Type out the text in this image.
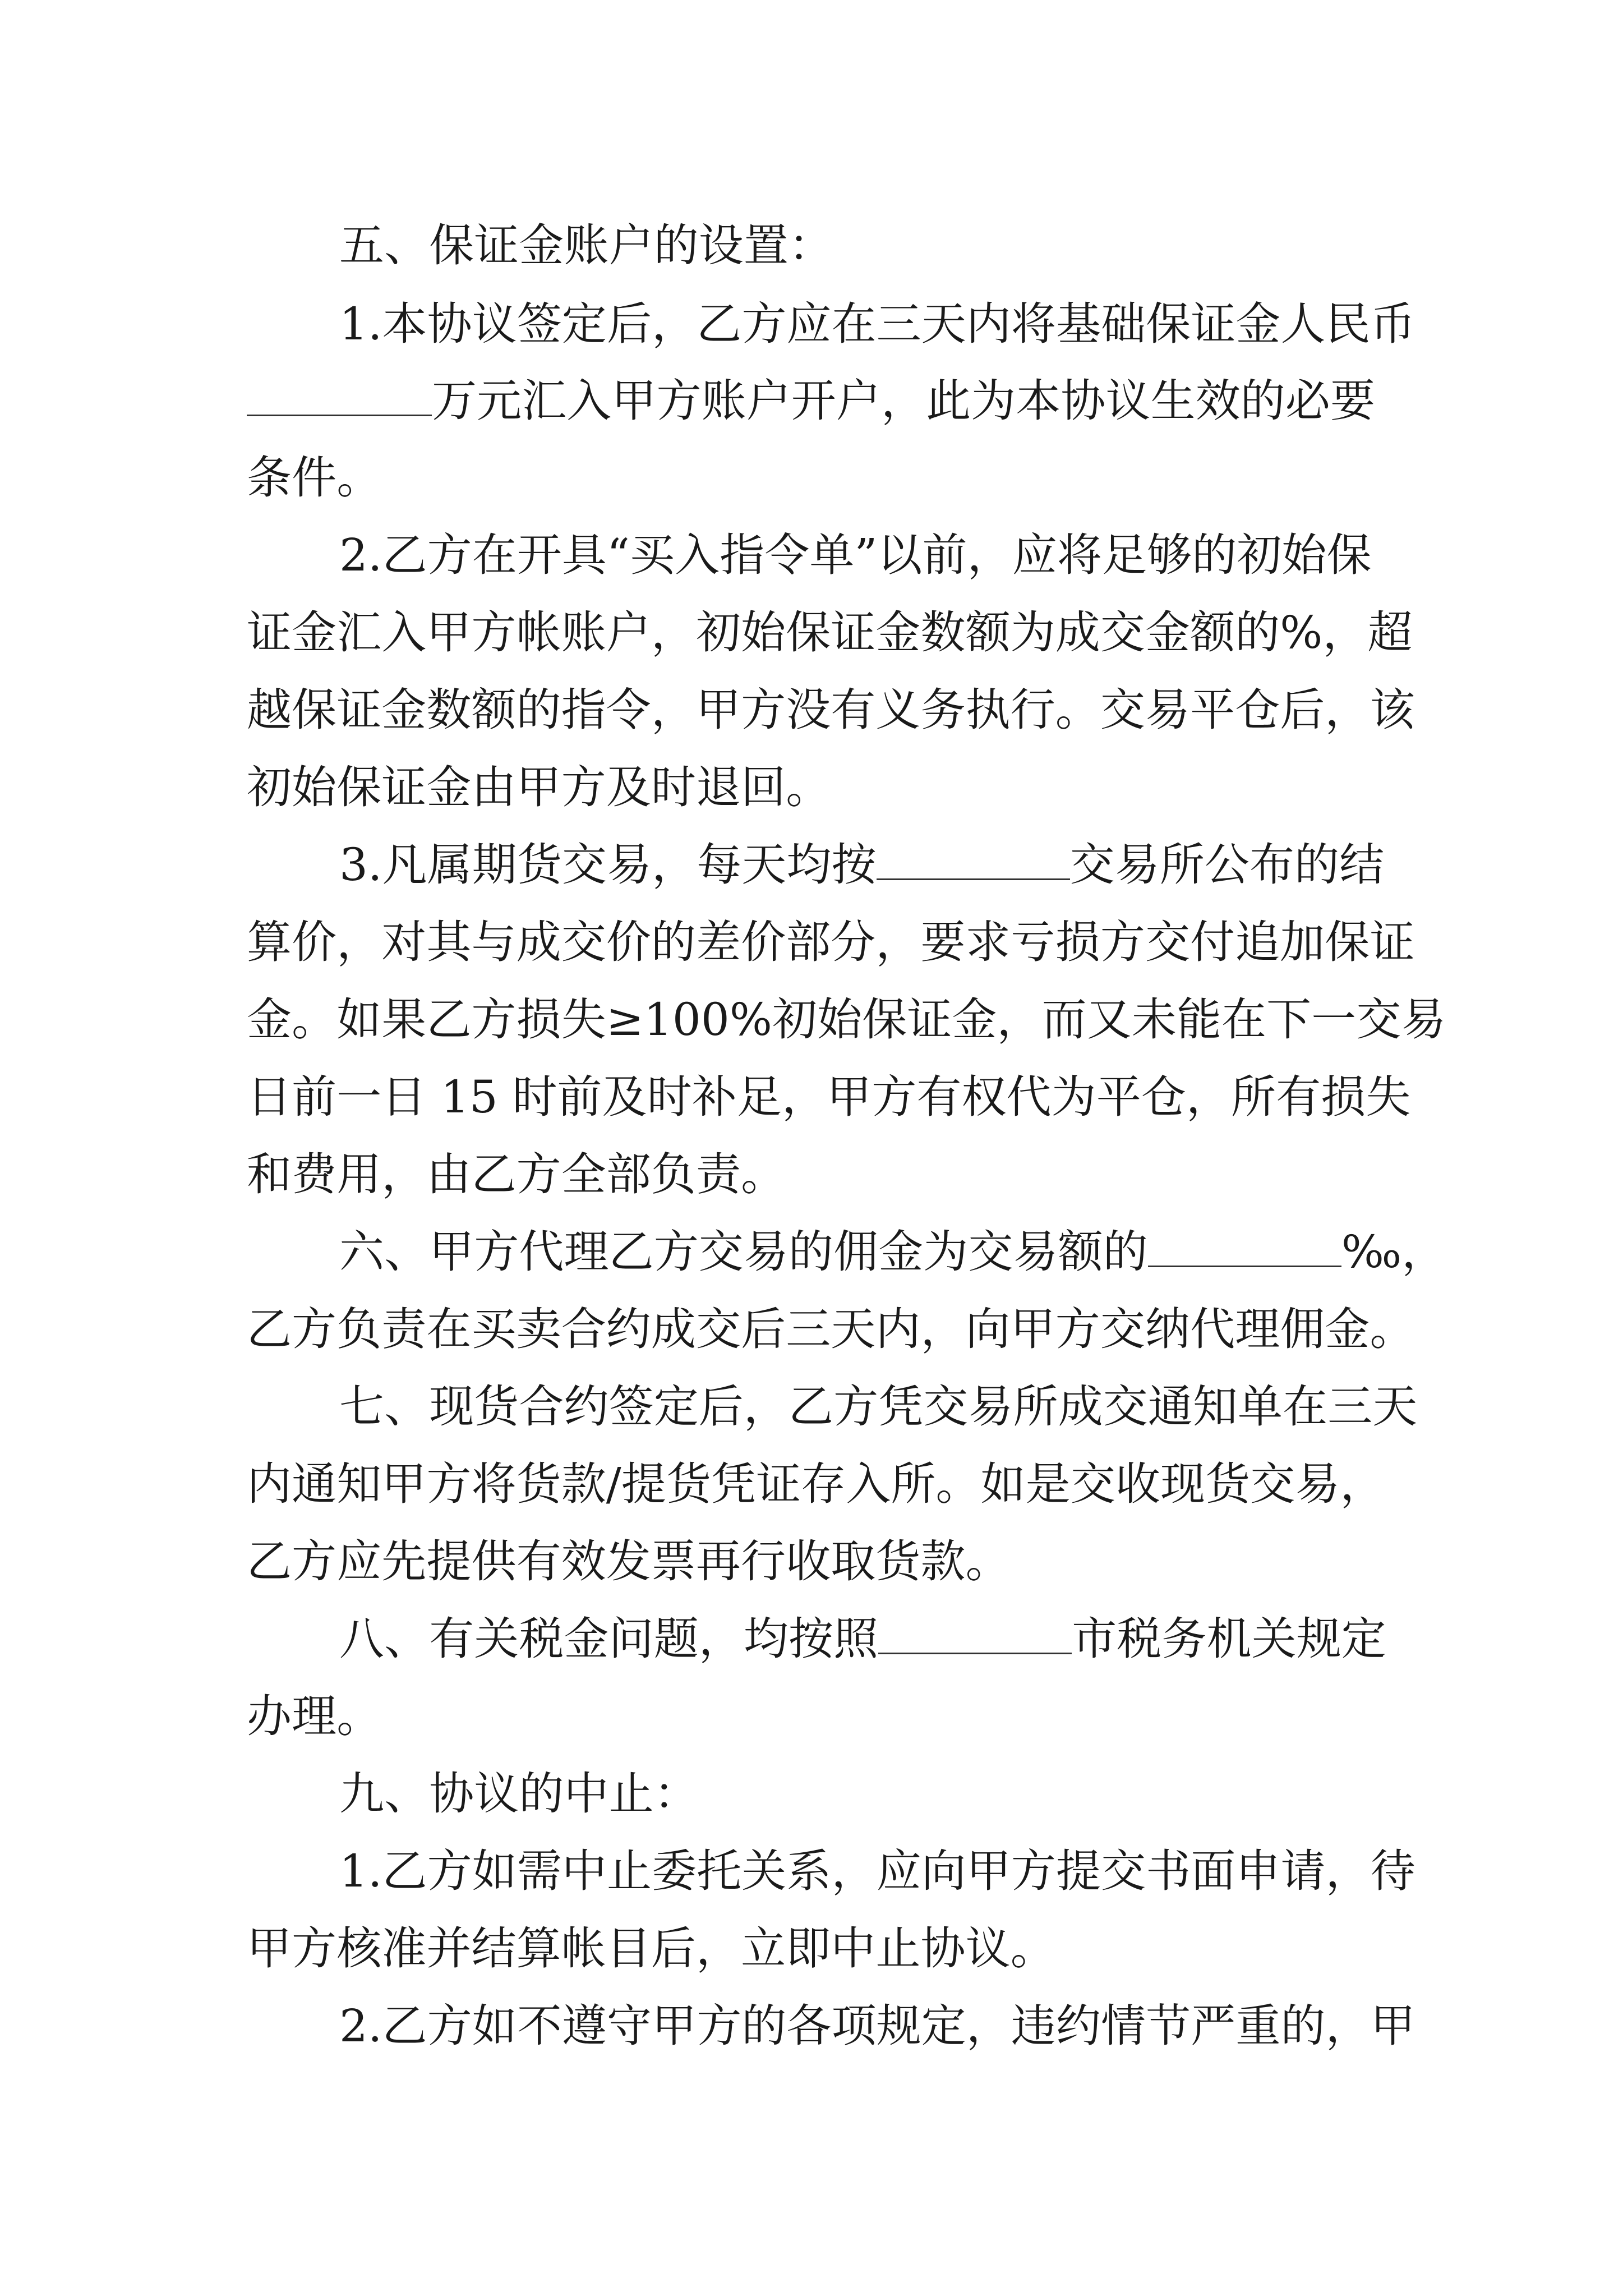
五、保证金账户的设置：
1.本协议签定后，乙方应在三天内将基础保证金人民币
万元汇入甲方账户开户，此为本协议生效的必要
条件。
2.乙方在开具“买入指令单”以前，应将足够的初始保
证金汇入甲方帐账户，初始保证金数额为成交金额的%，超
越保证金数额的指令，甲方没有义务执行。交易平仓后，该
初始保证金由甲方及时退回。
3.凡属期货交易，每天均按	交易所公布的结
算价，对其与成交价的差价部分，要求亏损方交付追加保证
金。如果乙方损失≥100%初始保证金，而又未能在下一交易
日前一日 15 时前及时补足，甲方有权代为平仓，所有损失
和费用，由乙方全部负责。
六、甲方代理乙方交易的佣金为交易额的	‰，
乙方负责在买卖合约成交后三天内，向甲方交纳代理佣金。
七、现货合约签定后，乙方凭交易所成交通知单在三天
内通知甲方将货款/提货凭证存入所。如是交收现货交易，
乙方应先提供有效发票再行收取货款。
八、有关税金问题，均按照	市税务机关规定
办理。
九、协议的中止：
1.乙方如需中止委托关系，应向甲方提交书面申请，待
甲方核准并结算帐目后，立即中止协议。
2.乙方如不遵守甲方的各项规定，违约情节严重的，甲
